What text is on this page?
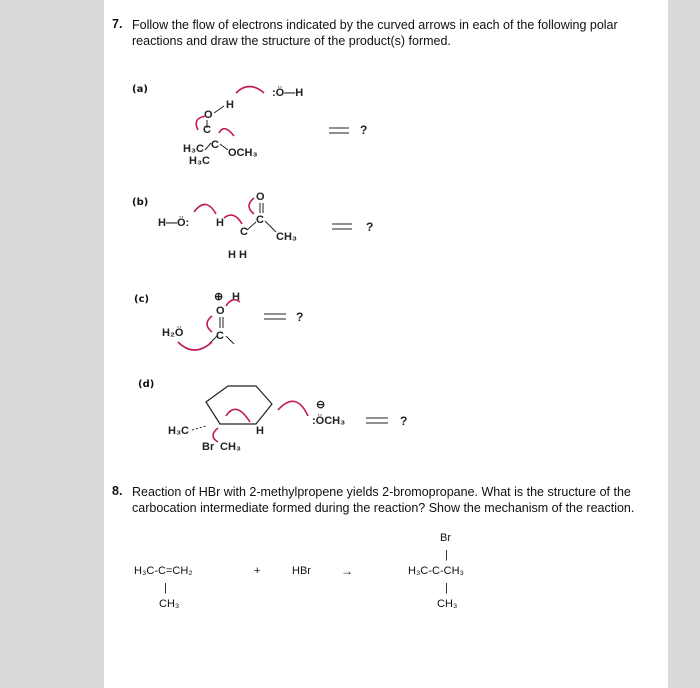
7. Follow the flow of electrons indicated by the curved arrows in each of the following polar reactions and draw the structure of the product(s) formed.
(a)	:Ö—H
H
O
C
H₃C C
OCH₃
H₃C
?
(b)
H—Ö: H
O
C
C	CH₃
H H
?
(c)	⊕ H
O
C
H₂Ö
?
(d)
H₃C	H
Br CH₃
⊖
:ÖCH₃	?
8. Reaction of HBr with 2-methylpropene yields 2-bromopropane. What is the structure of the carbocation intermediate formed during the reaction? Show the mechanism of the reaction.
H₃C-C=CH₂
|
CH₃
+	HBr	→
Br
|
H₃C-C-CH₃
|
CH₃
